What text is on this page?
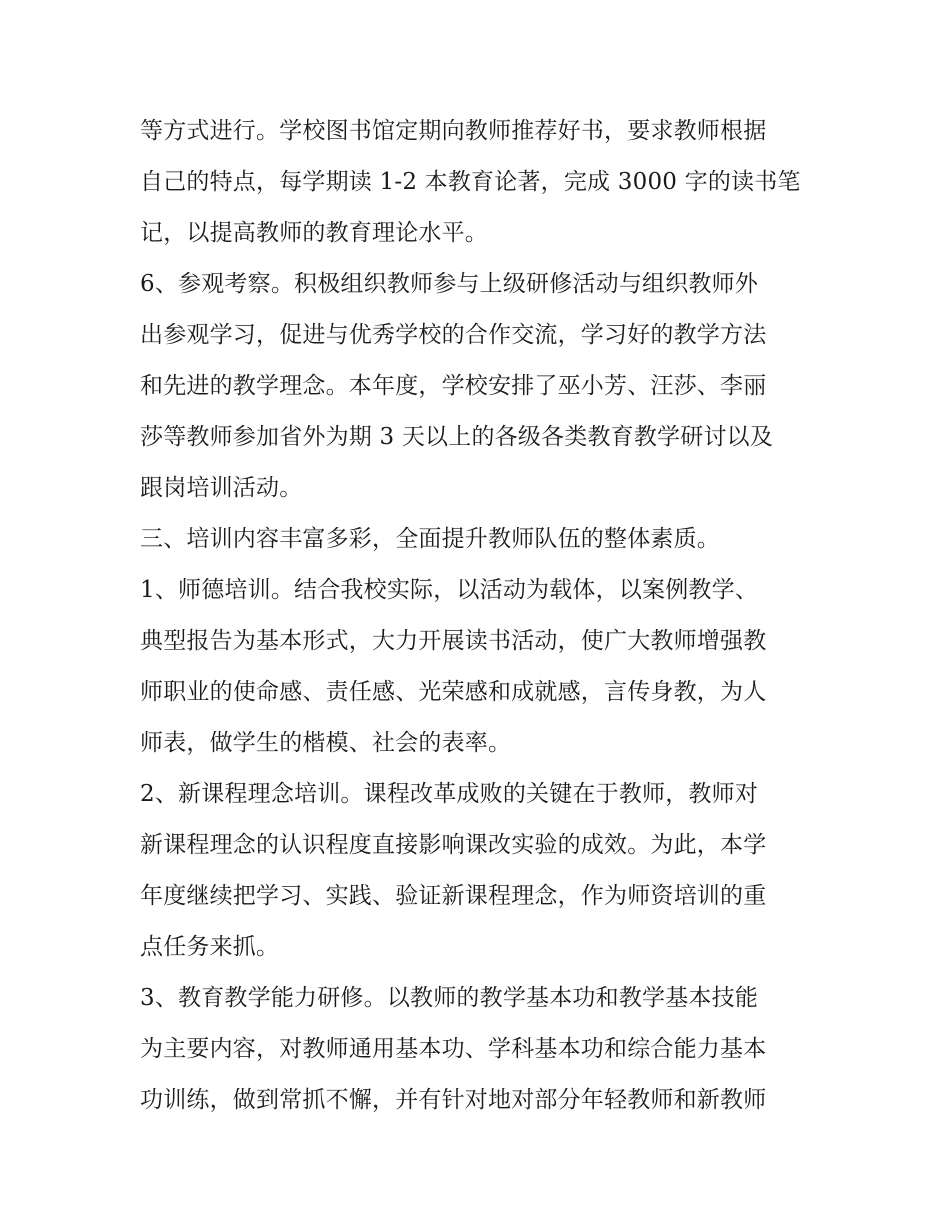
等方式进行。学校图书馆定期向教师推荐好书，要求教师根据
自己的特点，每学期读 1-2 本教育论著，完成 3000 字的读书笔
记，以提高教师的教育理论水平。
6、参观考察。积极组织教师参与上级研修活动与组织教师外
出参观学习，促进与优秀学校的合作交流，学习好的教学方法
和先进的教学理念。本年度，学校安排了巫小芳、汪莎、李丽
莎等教师参加省外为期 3 天以上的各级各类教育教学研讨以及
跟岗培训活动。
三、培训内容丰富多彩，全面提升教师队伍的整体素质。
1、师德培训。结合我校实际，以活动为载体，以案例教学、
典型报告为基本形式，大力开展读书活动，使广大教师增强教
师职业的使命感、责任感、光荣感和成就感，言传身教，为人
师表，做学生的楷模、社会的表率。
2、新课程理念培训。课程改革成败的关键在于教师，教师对
新课程理念的认识程度直接影响课改实验的成效。为此，本学
年度继续把学习、实践、验证新课程理念，作为师资培训的重
点任务来抓。
3、教育教学能力研修。以教师的教学基本功和教学基本技能
为主要内容，对教师通用基本功、学科基本功和综合能力基本
功训练，做到常抓不懈，并有针对地对部分年轻教师和新教师
